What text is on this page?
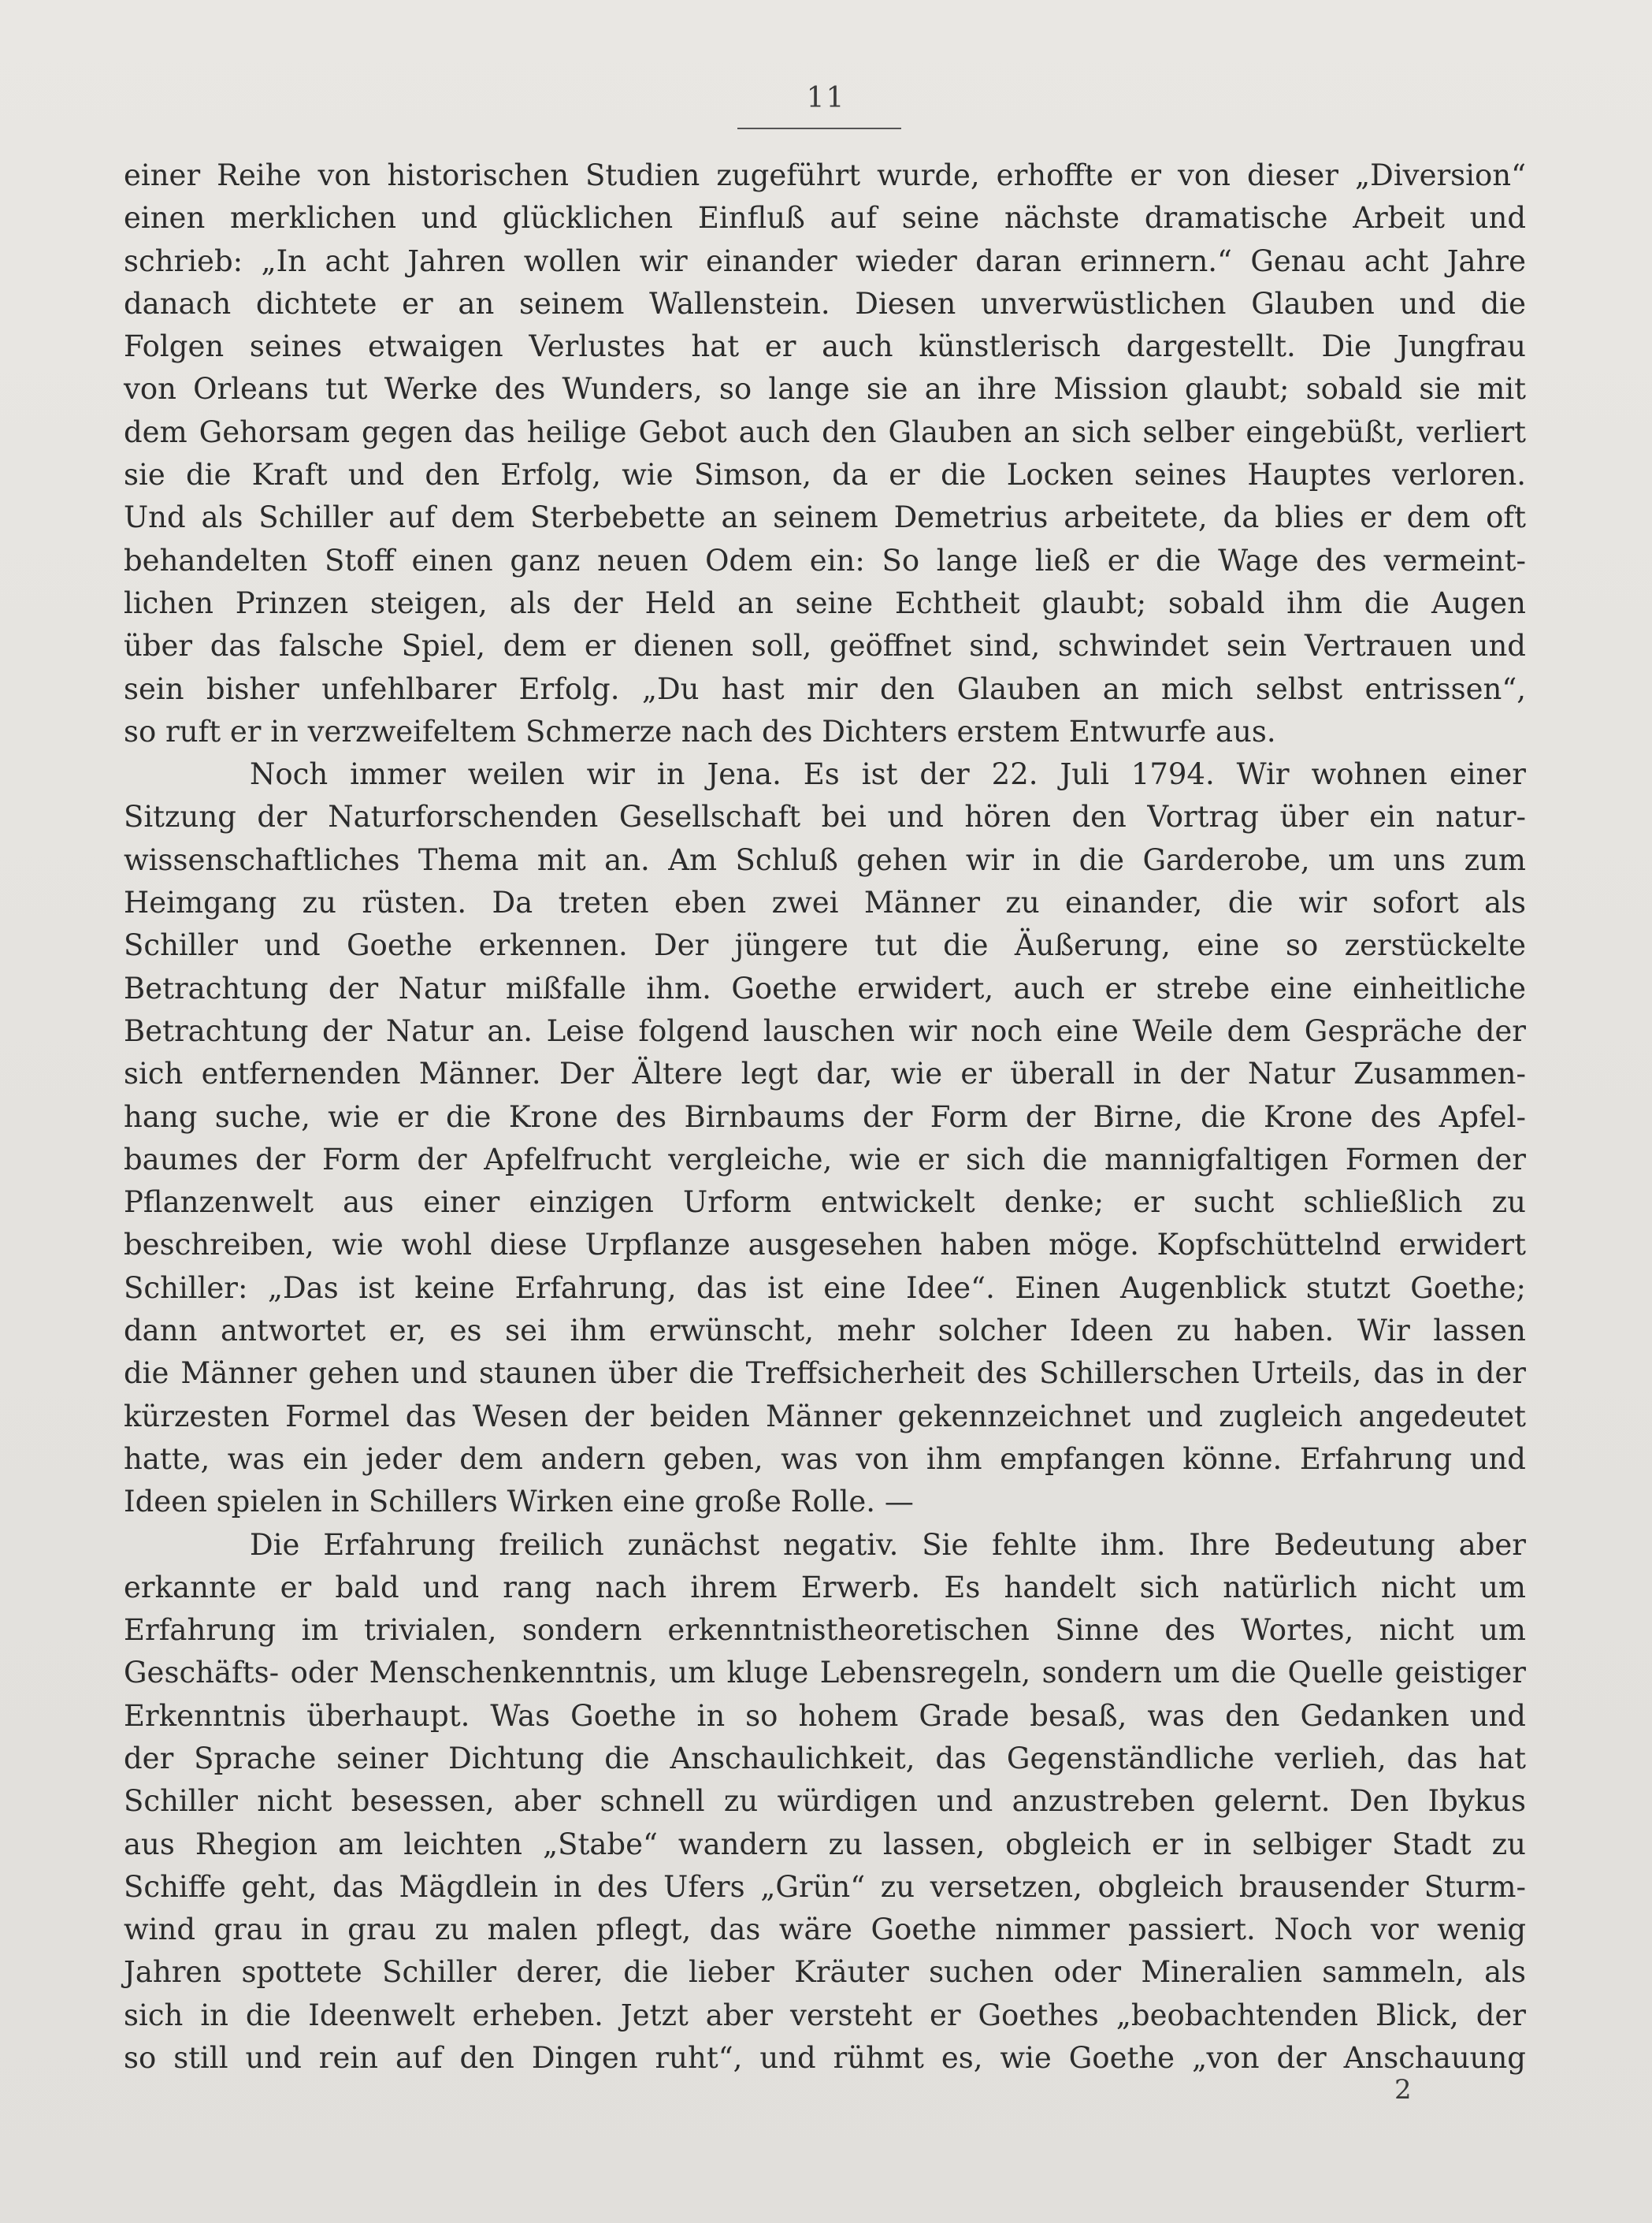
11
einer Reihe von historischen Studien zugeführt wurde, erhoffte er von dieser „Diversion“
einen merklichen und glücklichen Einfluß auf seine nächste dramatische Arbeit und
schrieb: „In acht Jahren wollen wir einander wieder daran erinnern.“ Genau acht Jahre
danach dichtete er an seinem Wallenstein. Diesen unverwüstlichen Glauben und die
Folgen seines etwaigen Verlustes hat er auch künstlerisch dargestellt. Die Jungfrau
von Orleans tut Werke des Wunders, so lange sie an ihre Mission glaubt; sobald sie mit
dem Gehorsam gegen das heilige Gebot auch den Glauben an sich selber eingebüßt, verliert
sie die Kraft und den Erfolg, wie Simson, da er die Locken seines Hauptes verloren.
Und als Schiller auf dem Sterbebette an seinem Demetrius arbeitete, da blies er dem oft
behandelten Stoff einen ganz neuen Odem ein: So lange ließ er die Wage des vermeint-
lichen Prinzen steigen, als der Held an seine Echtheit glaubt; sobald ihm die Augen
über das falsche Spiel, dem er dienen soll, geöffnet sind, schwindet sein Vertrauen und
sein bisher unfehlbarer Erfolg. „Du hast mir den Glauben an mich selbst entrissen“,
so ruft er in verzweifeltem Schmerze nach des Dichters erstem Entwurfe aus.
Noch immer weilen wir in Jena. Es ist der 22. Juli 1794. Wir wohnen einer
Sitzung der Naturforschenden Gesellschaft bei und hören den Vortrag über ein natur-
wissenschaftliches Thema mit an. Am Schluß gehen wir in die Garderobe, um uns zum
Heimgang zu rüsten. Da treten eben zwei Männer zu einander, die wir sofort als
Schiller und Goethe erkennen. Der jüngere tut die Äußerung, eine so zerstückelte
Betrachtung der Natur mißfalle ihm. Goethe erwidert, auch er strebe eine einheitliche
Betrachtung der Natur an. Leise folgend lauschen wir noch eine Weile dem Gespräche der
sich entfernenden Männer. Der Ältere legt dar, wie er überall in der Natur Zusammen-
hang suche, wie er die Krone des Birnbaums der Form der Birne, die Krone des Apfel-
baumes der Form der Apfelfrucht vergleiche, wie er sich die mannigfaltigen Formen der
Pflanzenwelt aus einer einzigen Urform entwickelt denke; er sucht schließlich zu
beschreiben, wie wohl diese Urpflanze ausgesehen haben möge. Kopfschüttelnd erwidert
Schiller: „Das ist keine Erfahrung, das ist eine Idee“. Einen Augenblick stutzt Goethe;
dann antwortet er, es sei ihm erwünscht, mehr solcher Ideen zu haben. Wir lassen
die Männer gehen und staunen über die Treffsicherheit des Schillerschen Urteils, das in der
kürzesten Formel das Wesen der beiden Männer gekennzeichnet und zugleich angedeutet
hatte, was ein jeder dem andern geben, was von ihm empfangen könne. Erfahrung und
Ideen spielen in Schillers Wirken eine große Rolle. —
Die Erfahrung freilich zunächst negativ. Sie fehlte ihm. Ihre Bedeutung aber
erkannte er bald und rang nach ihrem Erwerb. Es handelt sich natürlich nicht um
Erfahrung im trivialen, sondern erkenntnistheoretischen Sinne des Wortes, nicht um
Geschäfts- oder Menschenkenntnis, um kluge Lebensregeln, sondern um die Quelle geistiger
Erkenntnis überhaupt. Was Goethe in so hohem Grade besaß, was den Gedanken und
der Sprache seiner Dichtung die Anschaulichkeit, das Gegenständliche verlieh, das hat
Schiller nicht besessen, aber schnell zu würdigen und anzustreben gelernt. Den Ibykus
aus Rhegion am leichten „Stabe“ wandern zu lassen, obgleich er in selbiger Stadt zu
Schiffe geht, das Mägdlein in des Ufers „Grün“ zu versetzen, obgleich brausender Sturm-
wind grau in grau zu malen pflegt, das wäre Goethe nimmer passiert. Noch vor wenig
Jahren spottete Schiller derer, die lieber Kräuter suchen oder Mineralien sammeln, als
sich in die Ideenwelt erheben. Jetzt aber versteht er Goethes „beobachtenden Blick, der
so still und rein auf den Dingen ruht“, und rühmt es, wie Goethe „von der Anschauung
2
